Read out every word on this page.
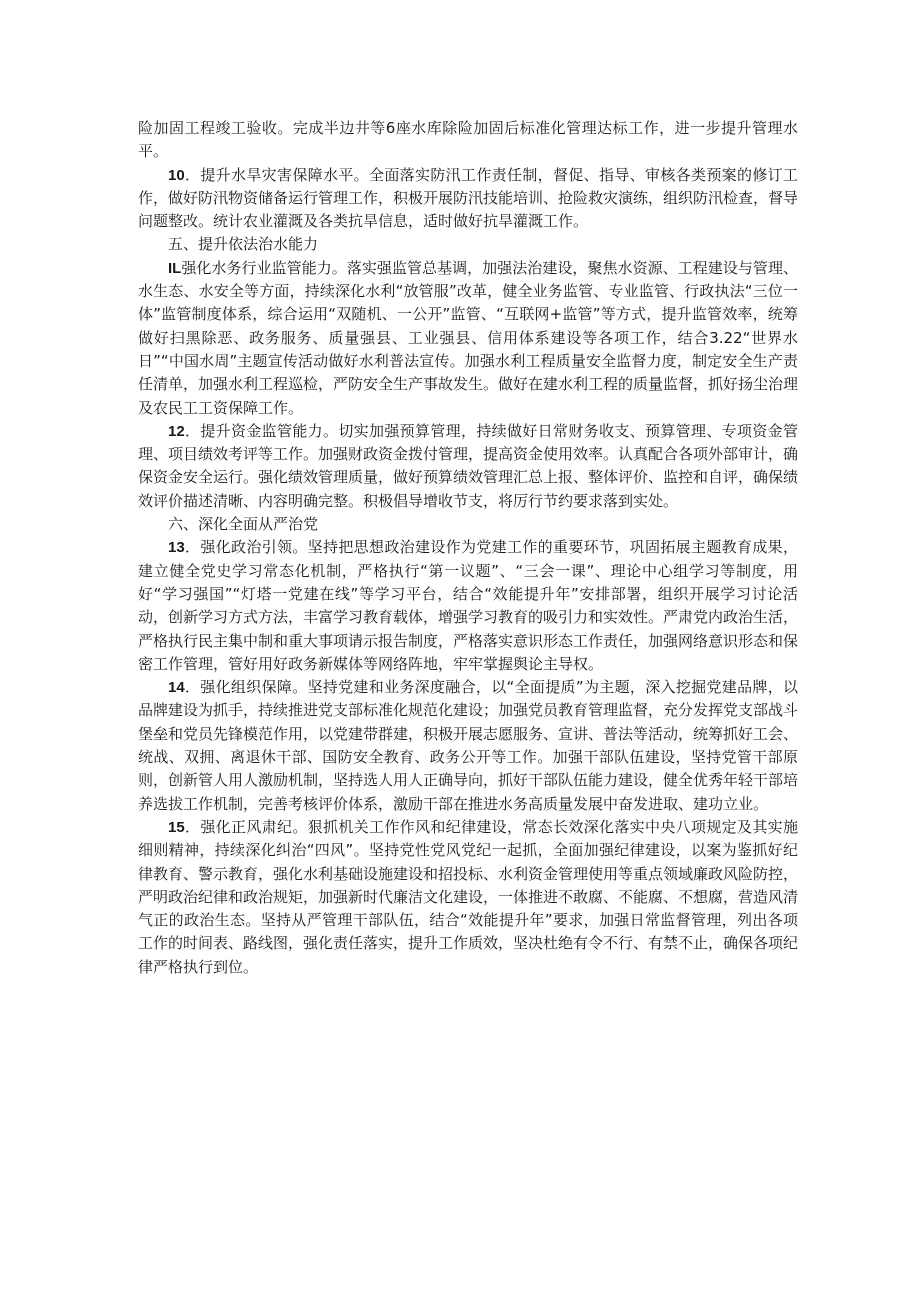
险加固工程竣工验收。完成半边井等6座水库除险加固后标准化管理达标工作，进一步提升管理水平。

10．提升水旱灾害保障水平。全面落实防汛工作责任制，督促、指导、审核各类预案的修订工作，做好防汛物资储备运行管理工作，积极开展防汛技能培训、抢险救灾演练，组织防汛检查，督导问题整改。统计农业灌溉及各类抗旱信息，适时做好抗旱灌溉工作。

五、提升依法治水能力

IL强化水务行业监管能力。落实强监管总基调，加强法治建设，聚焦水资源、工程建设与管理、水生态、水安全等方面，持续深化水利“放管服”改革，健全业务监管、专业监管、行政执法“三位一体”监管制度体系，综合运用“双随机、一公开”监管、“互联网+监管”等方式，提升监管效率，统筹做好扫黑除恶、政务服务、质量强县、工业强县、信用体系建设等各项工作，结合3.22“世界水日”“中国水周”主题宣传活动做好水利普法宣传。加强水利工程质量安全监督力度，制定安全生产责任清单，加强水利工程巡检，严防安全生产事故发生。做好在建水利工程的质量监督，抓好扬尘治理及农民工工资保障工作。

12．提升资金监管能力。切实加强预算管理，持续做好日常财务收支、预算管理、专项资金管理、项目绩效考评等工作。加强财政资金拨付管理，提高资金使用效率。认真配合各项外部审计，确保资金安全运行。强化绩效管理质量，做好预算绩效管理汇总上报、整体评价、监控和自评，确保绩效评价描述清晰、内容明确完整。积极倡导增收节支，将厉行节约要求落到实处。

六、深化全面从严治党

13．强化政治引领。坚持把思想政治建设作为党建工作的重要环节，巩固拓展主题教育成果，建立健全党史学习常态化机制，严格执行“第一议题”、“三会一课”、理论中心组学习等制度，用好“学习强国”“灯塔一党建在线”等学习平台，结合“效能提升年”安排部署，组织开展学习讨论活动，创新学习方式方法，丰富学习教育载体，增强学习教育的吸引力和实效性。严肃党内政治生活，严格执行民主集中制和重大事项请示报告制度，严格落实意识形态工作责任，加强网络意识形态和保密工作管理，管好用好政务新媒体等网络阵地，牢牢掌握舆论主导权。

14．强化组织保障。坚持党建和业务深度融合，以“全面提质”为主题，深入挖掘党建品牌，以品牌建设为抓手，持续推进党支部标准化规范化建设；加强党员教育管理监督，充分发挥党支部战斗堡垒和党员先锋模范作用，以党建带群建，积极开展志愿服务、宣讲、普法等活动，统筹抓好工会、统战、双拥、离退休干部、国防安全教育、政务公开等工作。加强干部队伍建设，坚持党管干部原则，创新管人用人激励机制，坚持选人用人正确导向，抓好干部队伍能力建设，健全优秀年轻干部培养选拔工作机制，完善考核评价体系，激励干部在推进水务高质量发展中奋发进取、建功立业。

15．强化正风肃纪。狠抓机关工作作风和纪律建设，常态长效深化落实中央八项规定及其实施细则精神，持续深化纠治“四风”。坚持党性党风党纪一起抓，全面加强纪律建设，以案为鉴抓好纪律教育、警示教育，强化水利基础设施建设和招投标、水利资金管理使用等重点领域廉政风险防控，严明政治纪律和政治规矩，加强新时代廉洁文化建设，一体推进不敢腐、不能腐、不想腐，营造风清气正的政治生态。坚持从严管理干部队伍，结合“效能提升年”要求，加强日常监督管理，列出各项工作的时间表、路线图，强化责任落实，提升工作质效，坚决杜绝有令不行、有禁不止，确保各项纪律严格执行到位。
